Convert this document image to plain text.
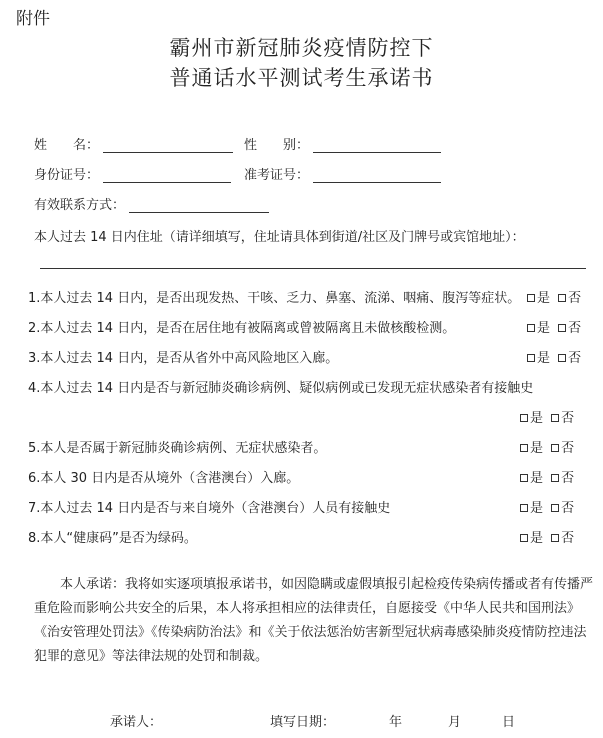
附件
霸州市新冠肺炎疫情防控下
普通话水平测试考生承诺书
姓　　名：	性　　别：
身份证号：	准考证号：
有效联系方式：
本人过去 14 日内住址（请详细填写，住址请具体到街道/社区及门牌号或宾馆地址）：
1.本人过去 14 日内，是否出现发热、干咳、乏力、鼻塞、流涕、咽痛、腹泻等症状。	是 否
2.本人过去 14 日内，是否在居住地有被隔离或曾被隔离且未做核酸检测。	是 否
3.本人过去 14 日内，是否从省外中高风险地区入廊。	是 否
4.本人过去 14 日内是否与新冠肺炎确诊病例、疑似病例或已发现无症状感染者有接触史
是 否
5.本人是否属于新冠肺炎确诊病例、无症状感染者。	是 否
6.本人 30 日内是否从境外（含港澳台）入廊。	是 否
7.本人过去 14 日内是否与来自境外（含港澳台）人员有接触史	是 否
8.本人“健康码”是否为绿码。	是 否
本人承诺：我将如实逐项填报承诺书，如因隐瞒或虚假填报引起检疫传染病传播或者有传播严重危险而影响公共安全的后果，本人将承担相应的法律责任，自愿接受《中华人民共和国刑法》《治安管理处罚法》《传染病防治法》和《关于依法惩治妨害新型冠状病毒感染肺炎疫情防控违法犯罪的意见》等法律法规的处罚和制裁。
承诺人：	填写日期：	年	月	日
